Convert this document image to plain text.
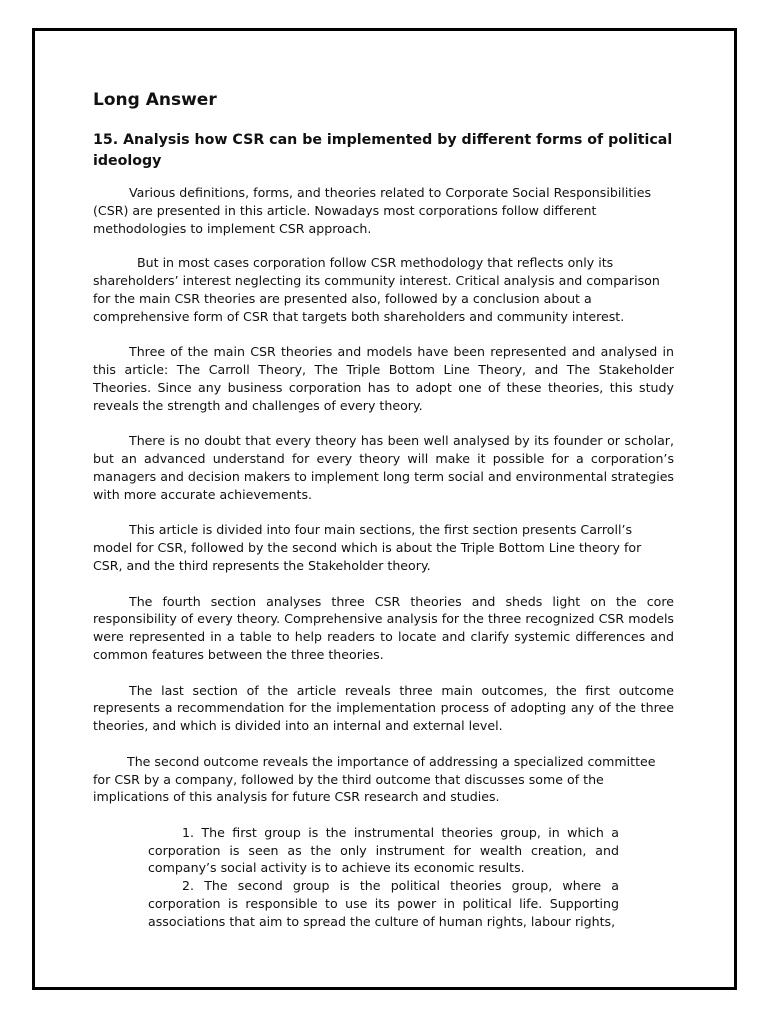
Long Answer
15. Analysis how CSR can be implemented by different forms of political ideology

Various definitions, forms, and theories related to Corporate Social Responsibilities (CSR) are presented in this article. Nowadays most corporations follow different methodologies to implement CSR approach.

But in most cases corporation follow CSR methodology that reflects only its shareholders’ interest neglecting its community interest. Critical analysis and comparison for the main CSR theories are presented also, followed by a conclusion about a comprehensive form of CSR that targets both shareholders and community interest.

Three of the main CSR theories and models have been represented and analysed in this article: The Carroll Theory, The Triple Bottom Line Theory, and The Stakeholder Theories. Since any business corporation has to adopt one of these theories, this study reveals the strength and challenges of every theory.

There is no doubt that every theory has been well analysed by its founder or scholar, but an advanced understand for every theory will make it possible for a corporation’s managers and decision makers to implement long term social and environmental strategies with more accurate achievements.

This article is divided into four main sections, the first section presents Carroll’s model for CSR, followed by the second which is about the Triple Bottom Line theory for CSR, and the third represents the Stakeholder theory.

The fourth section analyses three CSR theories and sheds light on the core responsibility of every theory. Comprehensive analysis for the three recognized CSR models were represented in a table to help readers to locate and clarify systemic differences and common features between the three theories.

The last section of the article reveals three main outcomes, the first outcome represents a recommendation for the implementation process of adopting any of the three theories, and which is divided into an internal and external level.

The second outcome reveals the importance of addressing a specialized committee for CSR by a company, followed by the third outcome that discusses some of the implications of this analysis for future CSR research and studies.

1. The first group is the instrumental theories group, in which a corporation is seen as the only instrument for wealth creation, and company’s social activity is to achieve its economic results.
2. The second group is the political theories group, where a corporation is responsible to use its power in political life. Supporting associations that aim to spread the culture of human rights, labour rights,
